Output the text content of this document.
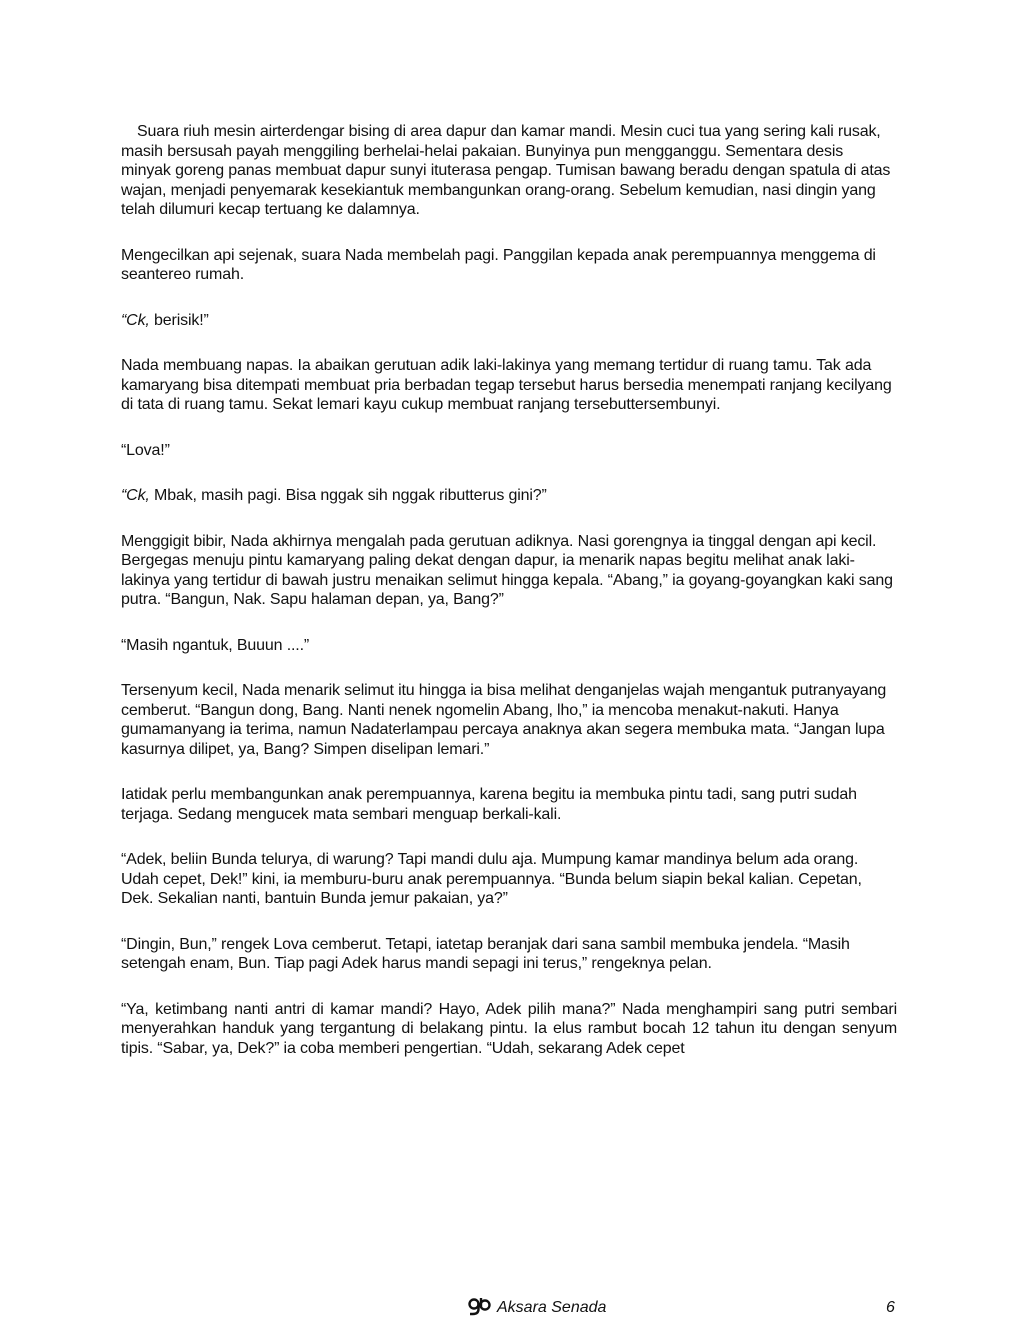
Suara riuh mesin airterdengar bising di area dapur dan kamar mandi. Mesin cuci tua yang sering kali rusak, masih bersusah payah menggiling berhelai-helai pakaian. Bunyinya pun mengganggu. Sementara desis minyak goreng panas membuat dapur sunyi ituterasa pengap. Tumisan bawang beradu dengan spatula di atas wajan, menjadi penyemarak kesekiantuk membangunkan orang-orang. Sebelum kemudian, nasi dingin yang telah dilumuri kecap tertuang ke dalamnya.

Mengecilkan api sejenak, suara Nada membelah pagi. Panggilan kepada anak perempuannya menggema di seantereo rumah.

“Ck, berisik!”

Nada membuang napas. Ia abaikan gerutuan adik laki-lakinya yang memang tertidur di ruang tamu. Tak ada kamaryang bisa ditempati membuat pria berbadan tegap tersebut harus bersedia menempati ranjang kecilyang di tata di ruang tamu. Sekat lemari kayu cukup membuat ranjang tersebuttersembunyi.

“Lova!”

“Ck, Mbak, masih pagi. Bisa nggak sih nggak ributterus gini?”

Menggigit bibir, Nada akhirnya mengalah pada gerutuan adiknya. Nasi gorengnya ia tinggal dengan api kecil. Bergegas menuju pintu kamaryang paling dekat dengan dapur, ia menarik napas begitu melihat anak laki-lakinya yang tertidur di bawah justru menaikan selimut hingga kepala. “Abang,” ia goyang-goyangkan kaki sang putra. “Bangun, Nak. Sapu halaman depan, ya, Bang?”

“Masih ngantuk, Buuun ....”

Tersenyum kecil, Nada menarik selimut itu hingga ia bisa melihat denganjelas wajah mengantuk putranyayang cemberut. “Bangun dong, Bang. Nanti nenek ngomelin Abang, lho,” ia mencoba menakut-nakuti. Hanya gumamanyang ia terima, namun Nadaterlampau percaya anaknya akan segera membuka mata. “Jangan lupa kasurnya dilipet, ya, Bang? Simpen diselipan lemari.”

Iatidak perlu membangunkan anak perempuannya, karena begitu ia membuka pintu tadi, sang putri sudah terjaga. Sedang mengucek mata sembari menguap berkali-kali.

“Adek, beliin Bunda telurya, di warung? Tapi mandi dulu aja. Mumpung kamar mandinya belum ada orang. Udah cepet, Dek!” kini, ia memburu-buru anak perempuannya. “Bunda belum siapin bekal kalian. Cepetan, Dek. Sekalian nanti, bantuin Bunda jemur pakaian, ya?”

“Dingin, Bun,” rengek Lova cemberut. Tetapi, iatetap beranjak dari sana sambil membuka jendela. “Masih setengah enam, Bun. Tiap pagi Adek harus mandi sepagi ini terus,” rengeknya pelan.

“Ya, ketimbang nanti antri di kamar mandi? Hayo, Adek pilih mana?” Nada menghampiri sang putri sembari menyerahkan handuk yang tergantung di belakang pintu. Ia elus rambut bocah 12 tahun itu dengan senyum tipis. “Sabar, ya, Dek?” ia coba memberi pengertian. “Udah, sekarang Adek cepet

Aksara Senada	6
